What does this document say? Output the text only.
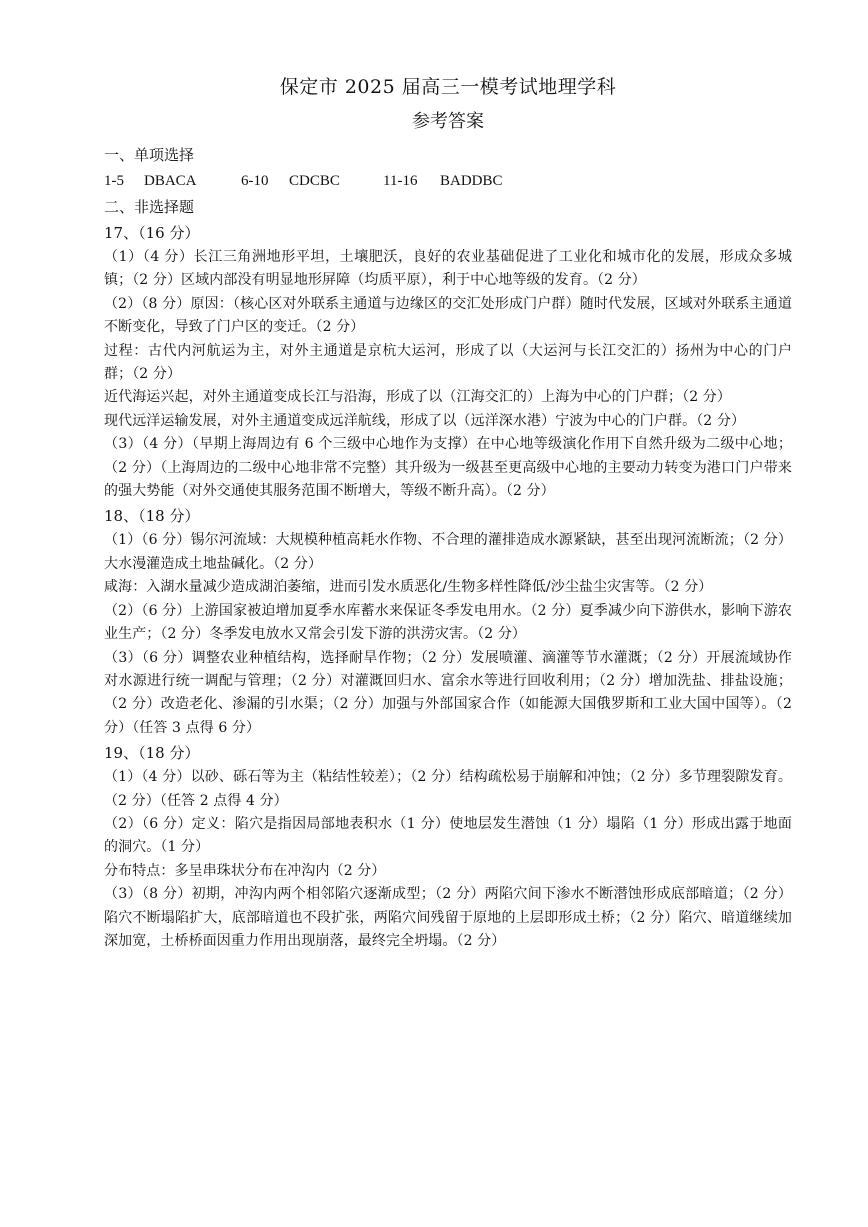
保定市 2025 届高三一模考试地理学科
参考答案

一、单项选择

1-5 DBACA	6-10 CDCBC	11-16 BADDBC

二、非选择题

17、（16 分）

（1）（4 分）长江三角洲地形平坦，土壤肥沃，良好的农业基础促进了工业化和城市化的发展，形成众多城镇；（2 分）区域内部没有明显地形屏障（均质平原），利于中心地等级的发育。（2 分）

（2）（8 分）原因：（核心区对外联系主通道与边缘区的交汇处形成门户群）随时代发展，区域对外联系主通道不断变化，导致了门户区的变迁。（2 分）

过程：古代内河航运为主，对外主通道是京杭大运河，形成了以（大运河与长江交汇的）扬州为中心的门户群；（2 分）

近代海运兴起，对外主通道变成长江与沿海，形成了以（江海交汇的）上海为中心的门户群；（2 分）

现代远洋运输发展，对外主通道变成远洋航线，形成了以（远洋深水港）宁波为中心的门户群。（2 分）

（3）（4 分）（早期上海周边有 6 个三级中心地作为支撑）在中心地等级演化作用下自然升级为二级中心地；（2 分）（上海周边的二级中心地非常不完整）其升级为一级甚至更高级中心地的主要动力转变为港口门户带来的强大势能（对外交通使其服务范围不断增大，等级不断升高）。（2 分）

18、（18 分）

（1）（6 分）锡尔河流域：大规模种植高耗水作物、不合理的灌排造成水源紧缺，甚至出现河流断流；（2 分）大水漫灌造成土地盐碱化。（2 分）

咸海：入湖水量减少造成湖泊萎缩，进而引发水质恶化/生物多样性降低/沙尘盐尘灾害等。（2 分）

（2）（6 分）上游国家被迫增加夏季水库蓄水来保证冬季发电用水。（2 分）夏季减少向下游供水，影响下游农业生产；（2 分）冬季发电放水又常会引发下游的洪涝灾害。（2 分）

（3）（6 分）调整农业种植结构，选择耐旱作物；（2 分）发展喷灌、滴灌等节水灌溉；（2 分）开展流域协作对水源进行统一调配与管理；（2 分）对灌溉回归水、富余水等进行回收利用；（2 分）增加洗盐、排盐设施；（2 分）改造老化、渗漏的引水渠；（2 分）加强与外部国家合作（如能源大国俄罗斯和工业大国中国等）。（2 分）（任答 3 点得 6 分）

19、（18 分）

（1）（4 分）以砂、砾石等为主（粘结性较差）；（2 分）结构疏松易于崩解和冲蚀；（2 分）多节理裂隙发育。（2 分）（任答 2 点得 4 分）

（2）（6 分）定义：陷穴是指因局部地表积水（1 分）使地层发生潜蚀（1 分）塌陷（1 分）形成出露于地面的洞穴。（1 分）

分布特点：多呈串珠状分布在冲沟内（2 分）

（3）（8 分）初期，冲沟内两个相邻陷穴逐渐成型；（2 分）两陷穴间下渗水不断潜蚀形成底部暗道；（2 分）陷穴不断塌陷扩大，底部暗道也不段扩张，两陷穴间残留于原地的上层即形成土桥；（2 分）陷穴、暗道继续加深加宽，土桥桥面因重力作用出现崩落，最终完全坍塌。（2 分）
